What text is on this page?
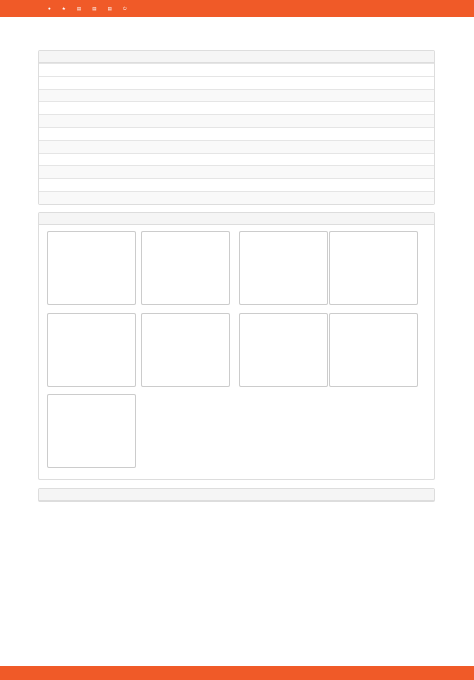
● ★ ▤ ▤ ▤ ⏻
